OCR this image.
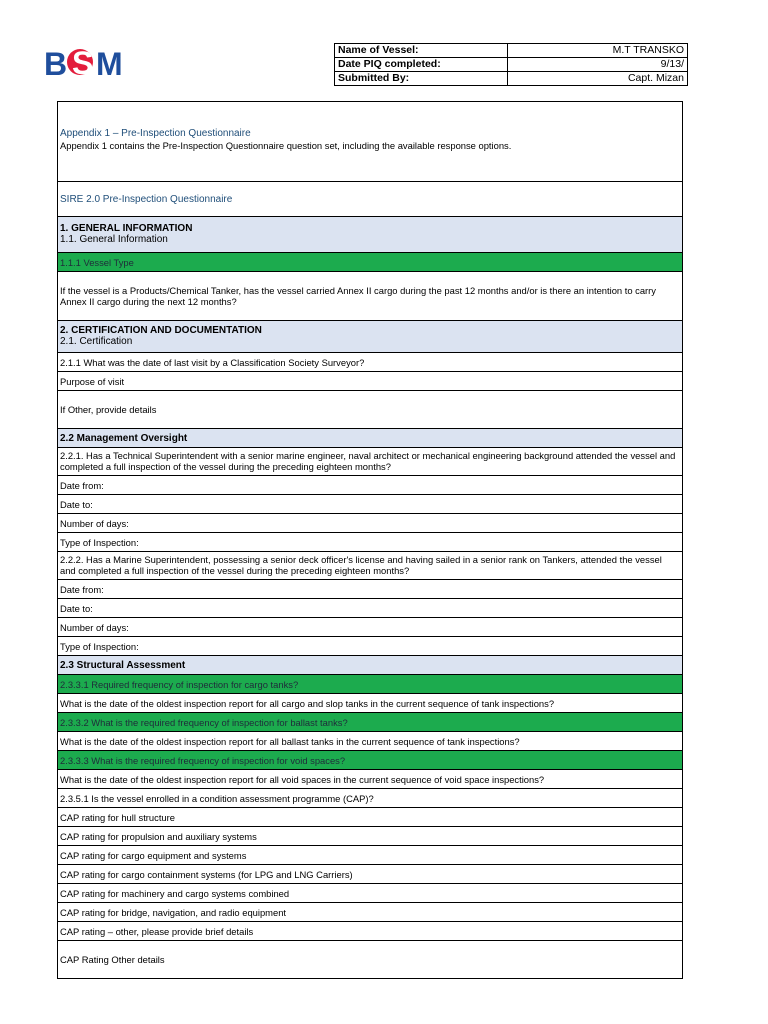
B S M	Name of Vessel:	M.T TRANSKO
Date PIQ completed:	9/13/
Submitted By:	Capt. Mizan
Appendix 1 – Pre-Inspection Questionnaire
Appendix 1 contains the Pre-Inspection Questionnaire question set, including the available response options.
SIRE 2.0 Pre-Inspection Questionnaire
1. GENERAL INFORMATION
1.1. General Information
1.1.1 Vessel Type
If the vessel is a Products/Chemical Tanker, has the vessel carried Annex II cargo during the past 12 months and/or is there an intention to carry Annex II cargo during the next 12 months?
2. CERTIFICATION AND DOCUMENTATION
2.1. Certification
2.1.1 What was the date of last visit by a Classification Society Surveyor?
Purpose of visit
If Other, provide details
2.2 Management Oversight
2.2.1. Has a Technical Superintendent with a senior marine engineer, naval architect or mechanical engineering background attended the vessel and completed a full inspection of the vessel during the preceding eighteen months?
Date from:
Date to:
Number of days:
Type of Inspection:
2.2.2. Has a Marine Superintendent, possessing a senior deck officer's license and having sailed in a senior rank on Tankers, attended the vessel and completed a full inspection of the vessel during the preceding eighteen months?
Date from:
Date to:
Number of days:
Type of Inspection:
2.3 Structural Assessment
2.3.3.1 Required frequency of inspection for cargo tanks?
What is the date of the oldest inspection report for all cargo and slop tanks in the current sequence of tank inspections?
2.3.3.2 What is the required frequency of inspection for ballast tanks?
What is the date of the oldest inspection report for all ballast tanks in the current sequence of tank inspections?
2.3.3.3 What is the required frequency of inspection for void spaces?
What is the date of the oldest inspection report for all void spaces in the current sequence of void space inspections?
2.3.5.1 Is the vessel enrolled in a condition assessment programme (CAP)?
CAP rating for hull structure
CAP rating for propulsion and auxiliary systems
CAP rating for cargo equipment and systems
CAP rating for cargo containment systems (for LPG and LNG Carriers)
CAP rating for machinery and cargo systems combined
CAP rating for bridge, navigation, and radio equipment
CAP rating – other, please provide brief details
CAP Rating Other details
